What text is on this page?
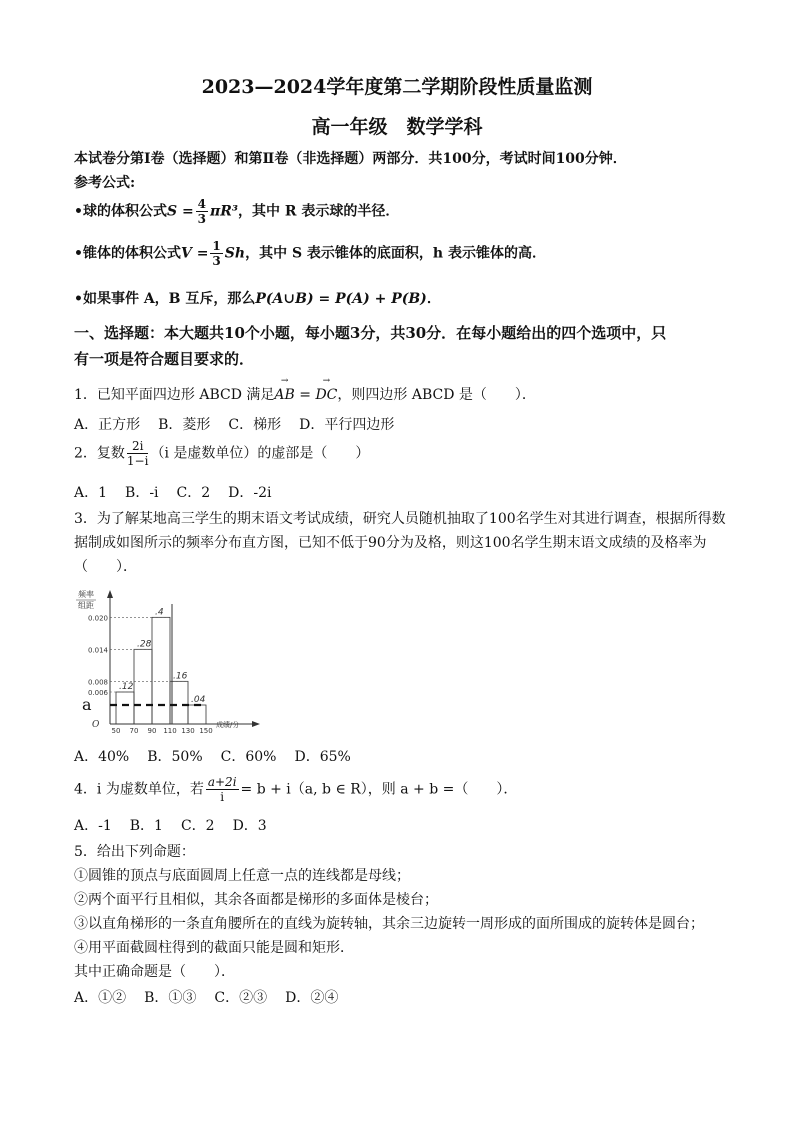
2023—2024学年度第二学期阶段性质量监测
高一年级　数学学科
本试卷分第Ⅰ卷（选择题）和第Ⅱ卷（非选择题）两部分．共100分，考试时间100分钟．
参考公式:
•球的体积公式$S = \frac{4}{3} \pi R^3$，其中 R 表示球的半径．
•锥体的体积公式$V = \frac{1}{3}$ Sh，其中 S 表示锥体的底面积，h 表示锥体的高．
•如果事件 A，B 互斥，那么P(A∪B) = P(A) + P(B)．
一、选择题：本大题共10个小题，每小题3分，共30分．在每小题给出的四个选项中，只
有一项是符合题目要求的．
1．已知平面四边形 ABCD 满足→ AB = → DC，则四边形 ABCD 是（　　）．
A．正方形 B．菱形 C．梯形 D．平行四边形
2．复数 $\frac{2i}{1-i} (i$ 是虚数单位）的虚部是（　　）
A．1 B．-i C．2 D．-2i
3．为了解某地高三学生的期末语文考试成绩，研究人员随机抽取了100名学生对其进行调查，根据所得数
据制成如图所示的频率分布直方图，已知不低于90分为及格，则这100名学生期末语文成绩的及格率为
（　　）．
频率
组距
O	成绩/分
a
0.020
0.014
0.008
0.006
50 70 90 110 130 150
.12
.28
.4
.16
.04
A．40% B．50% C．60% D．65%
4．i 为虚数单位，若 $\frac{a+2i}{i} = b + i(a$, b ∈ R），则 a + b =（　　）．
A．-1 B．1 C．2 D．3
5．给出下列命题：
①圆锥的顶点与底面圆周上任意一点的连线都是母线；
②两个面平行且相似，其余各面都是梯形的多面体是棱台；
③以直角梯形的一条直角腰所在的直线为旋转轴，其余三边旋转一周形成的面所围成的旋转体是圆台；
④用平面截圆柱得到的截面只能是圆和矩形．
其中正确命题是（　　）．
A．①② B．①③ C．②③ D．②④
